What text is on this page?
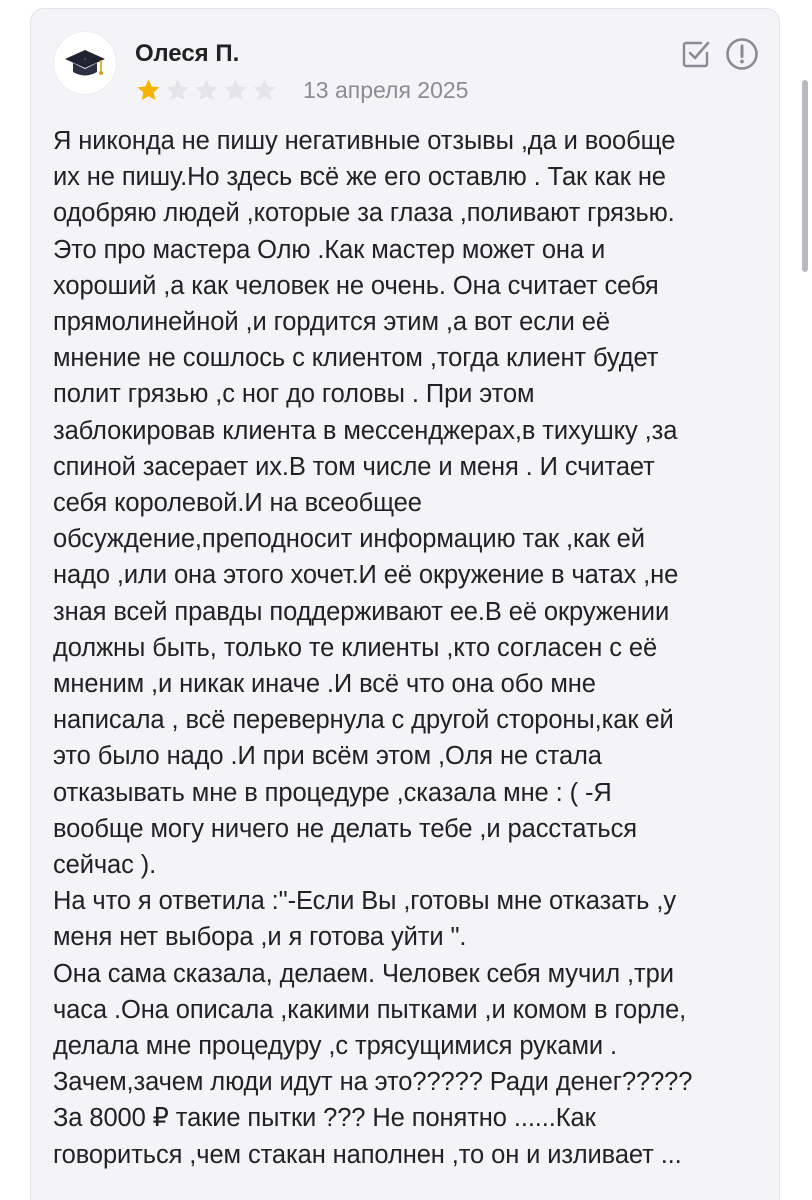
Олеся П.
13 апреля 2025
Я никонда не пишу негативные отзывы ,да и вообще
их не пишу.Но здесь всё же его оставлю . Так как не
одобряю людей ,которые за глаза ,поливают грязью.
Это про мастера Олю .Как мастер может она и
хороший ,а как человек не очень. Она считает себя
прямолинейной ,и гордится этим ,а вот если её
мнение не сошлось с клиентом ,тогда клиент будет
полит грязью ,с ног до головы . При этом
заблокировав клиента в мессенджерах,в тихушку ,за
спиной засерает их.В том числе и меня . И считает
себя королевой.И на всеобщее
обсуждение,преподносит информацию так ,как ей
надо ,или она этого хочет.И её окружение в чатах ,не
зная всей правды поддерживают ее.В её окружении
должны быть, только те клиенты ,кто согласен с её
мненим ,и никак иначе .И всё что она обо мне
написала , всё перевернула с другой стороны,как ей
это было надо .И при всём этом ,Оля не стала
отказывать мне в процедуре ,сказала мне : ( -Я
вообще могу ничего не делать тебе ,и расстаться
сейчас ).
На что я ответила :"-Если Вы ,готовы мне отказать ,у
меня нет выбора ,и я готова уйти ".
Она сама сказала, делаем. Человек себя мучил ,три
часа .Она описала ,какими пытками ,и комом в горле,
делала мне процедуру ,с трясущимися руками .
Зачем,зачем люди идут на это????? Ради денег?????
За 8000 ₽ такие пытки ??? Не понятно ......Как
говориться ,чем стакан наполнен ,то он и изливает ...
